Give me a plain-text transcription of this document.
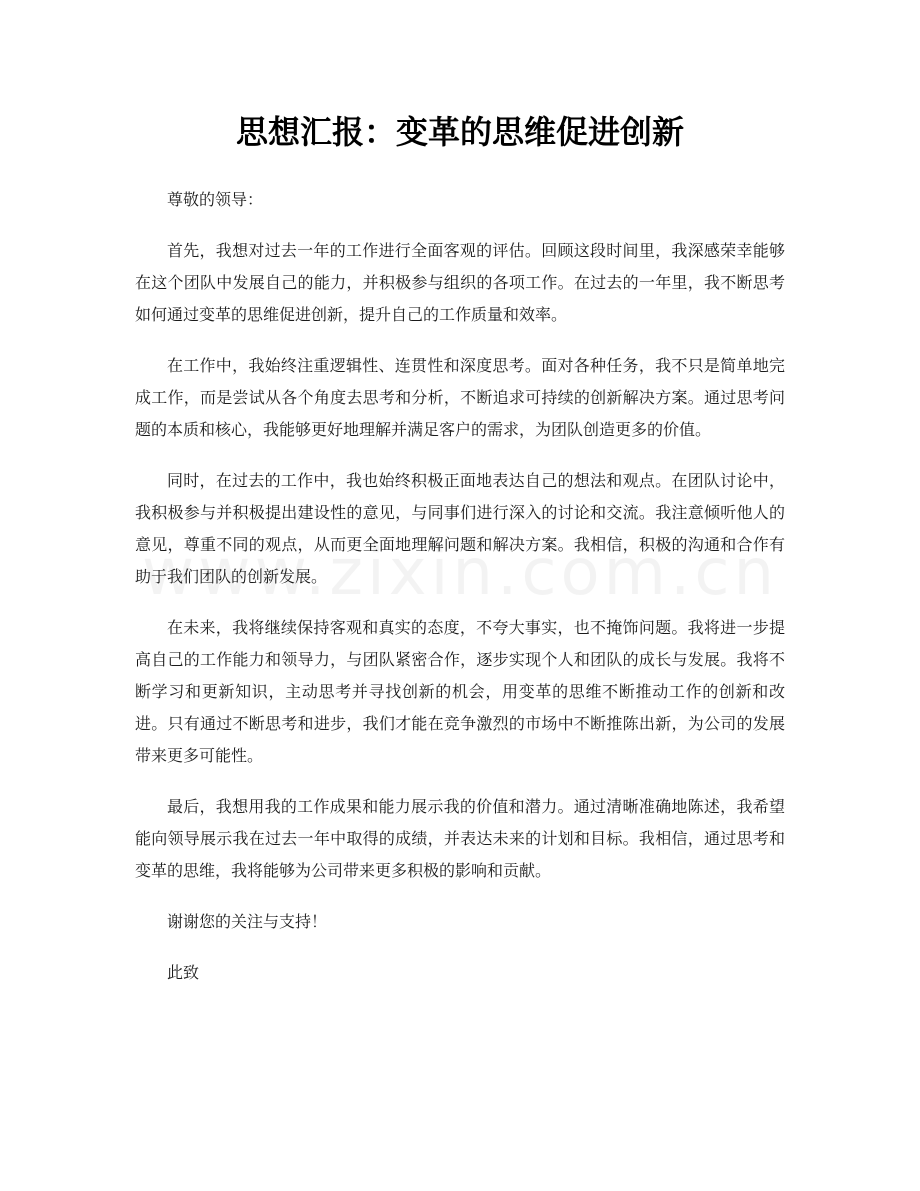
思想汇报：变革的思维促进创新

尊敬的领导：

首先，我想对过去一年的工作进行全面客观的评估。回顾这段时间里，我深感荣幸能够在这个团队中发展自己的能力，并积极参与组织的各项工作。在过去的一年里，我不断思考如何通过变革的思维促进创新，提升自己的工作质量和效率。

在工作中，我始终注重逻辑性、连贯性和深度思考。面对各种任务，我不只是简单地完成工作，而是尝试从各个角度去思考和分析，不断追求可持续的创新解决方案。通过思考问题的本质和核心，我能够更好地理解并满足客户的需求，为团队创造更多的价值。

同时，在过去的工作中，我也始终积极正面地表达自己的想法和观点。在团队讨论中，我积极参与并积极提出建设性的意见，与同事们进行深入的讨论和交流。我注意倾听他人的意见，尊重不同的观点，从而更全面地理解问题和解决方案。我相信，积极的沟通和合作有助于我们团队的创新发展。

在未来，我将继续保持客观和真实的态度，不夸大事实，也不掩饰问题。我将进一步提高自己的工作能力和领导力，与团队紧密合作，逐步实现个人和团队的成长与发展。我将不断学习和更新知识，主动思考并寻找创新的机会，用变革的思维不断推动工作的创新和改进。只有通过不断思考和进步，我们才能在竞争激烈的市场中不断推陈出新，为公司的发展带来更多可能性。

最后，我想用我的工作成果和能力展示我的价值和潜力。通过清晰准确地陈述，我希望能向领导展示我在过去一年中取得的成绩，并表达未来的计划和目标。我相信，通过思考和变革的思维，我将能够为公司带来更多积极的影响和贡献。

谢谢您的关注与支持！

此致
